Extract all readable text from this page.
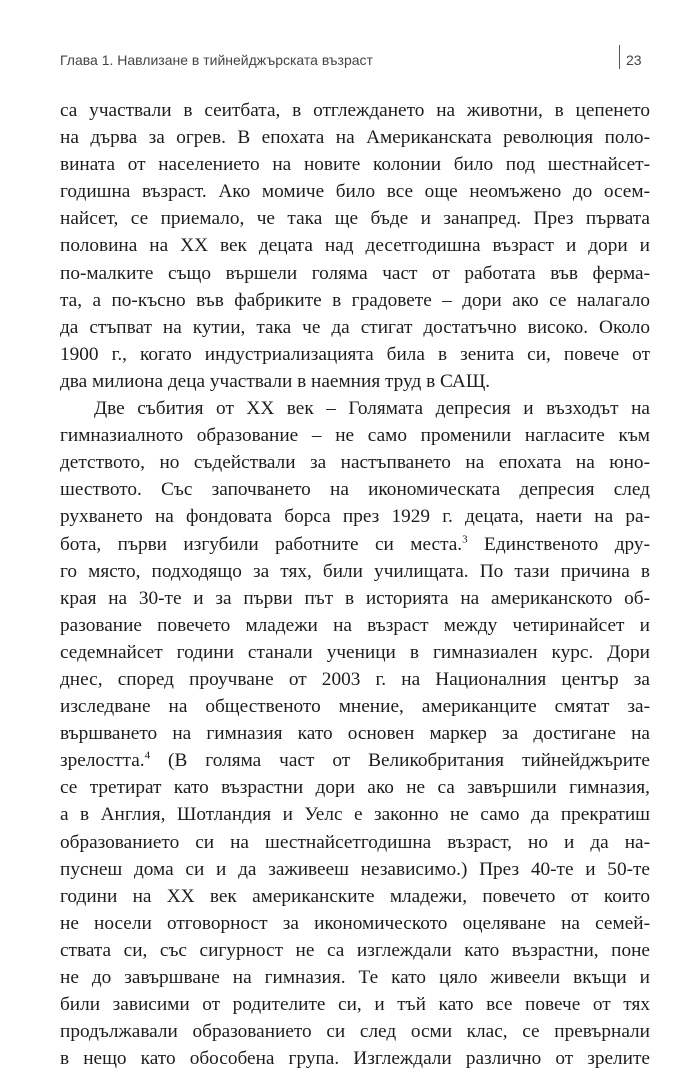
Глава 1. Навлизане в тийнейджърската възраст	23
са участвали в сеитбата, в отглеждането на животни, в цепенето
на дърва за огрев. В епохата на Американската революция поло-
вината от населението на новите колонии било под шестнайсет-
годишна възраст. Ако момиче било все още неомъжено до осем-
найсет, се приемало, че така ще бъде и занапред. През първата
половина на XX век децата над десетгодишна възраст и дори и
по-малките също вършели голяма част от работата във ферма-
та, а по-късно във фабриките в градовете – дори ако се налагало
да стъпват на кутии, така че да стигат достатъчно високо. Около
1900 г., когато индустриализацията била в зенита си, повече от
два милиона деца участвали в наемния труд в САЩ.
Две събития от XX век – Голямата депресия и възходът на
гимназиалното образование – не само променили нагласите към
детството, но съдействали за настъпването на епохата на юно-
шеството. Със започването на икономическата депресия след
рухването на фондовата борса през 1929 г. децата, наети на ра-
бота, първи изгубили работните си места.$^3$ Единственото дру-
го място, подходящо за тях, били училищата. По тази причина в
края на 30-те и за първи път в историята на американското об-
разование повечето младежи на възраст между четиринайсет и
седемнайсет години станали ученици в гимназиален курс. Дори
днес, според проучване от 2003 г. на Националния център за
изследване на общественото мнение, американците смятат за-
вършването на гимназия като основен маркер за достигане на
зрелостта.$^4$ (В голяма част от Великобритания тийнейджърите
се третират като възрастни дори ако не са завършили гимназия,
а в Англия, Шотландия и Уелс е законно не само да прекратиш
образованието си на шестнайсетгодишна възраст, но и да на-
пуснеш дома си и да заживееш независимо.) През 40-те и 50-те
години на XX век американските младежи, повечето от които
не носели отговорност за икономическото оцеляване на семей-
ствата си, със сигурност не са изглеждали като възрастни, поне
не до завършване на гимназия. Те като цяло живеели вкъщи и
били зависими от родителите си, и тъй като все повече от тях
продължавали образованието си след осми клас, се превърнали
в нещо като обособена група. Изглеждали различно от зрелите
